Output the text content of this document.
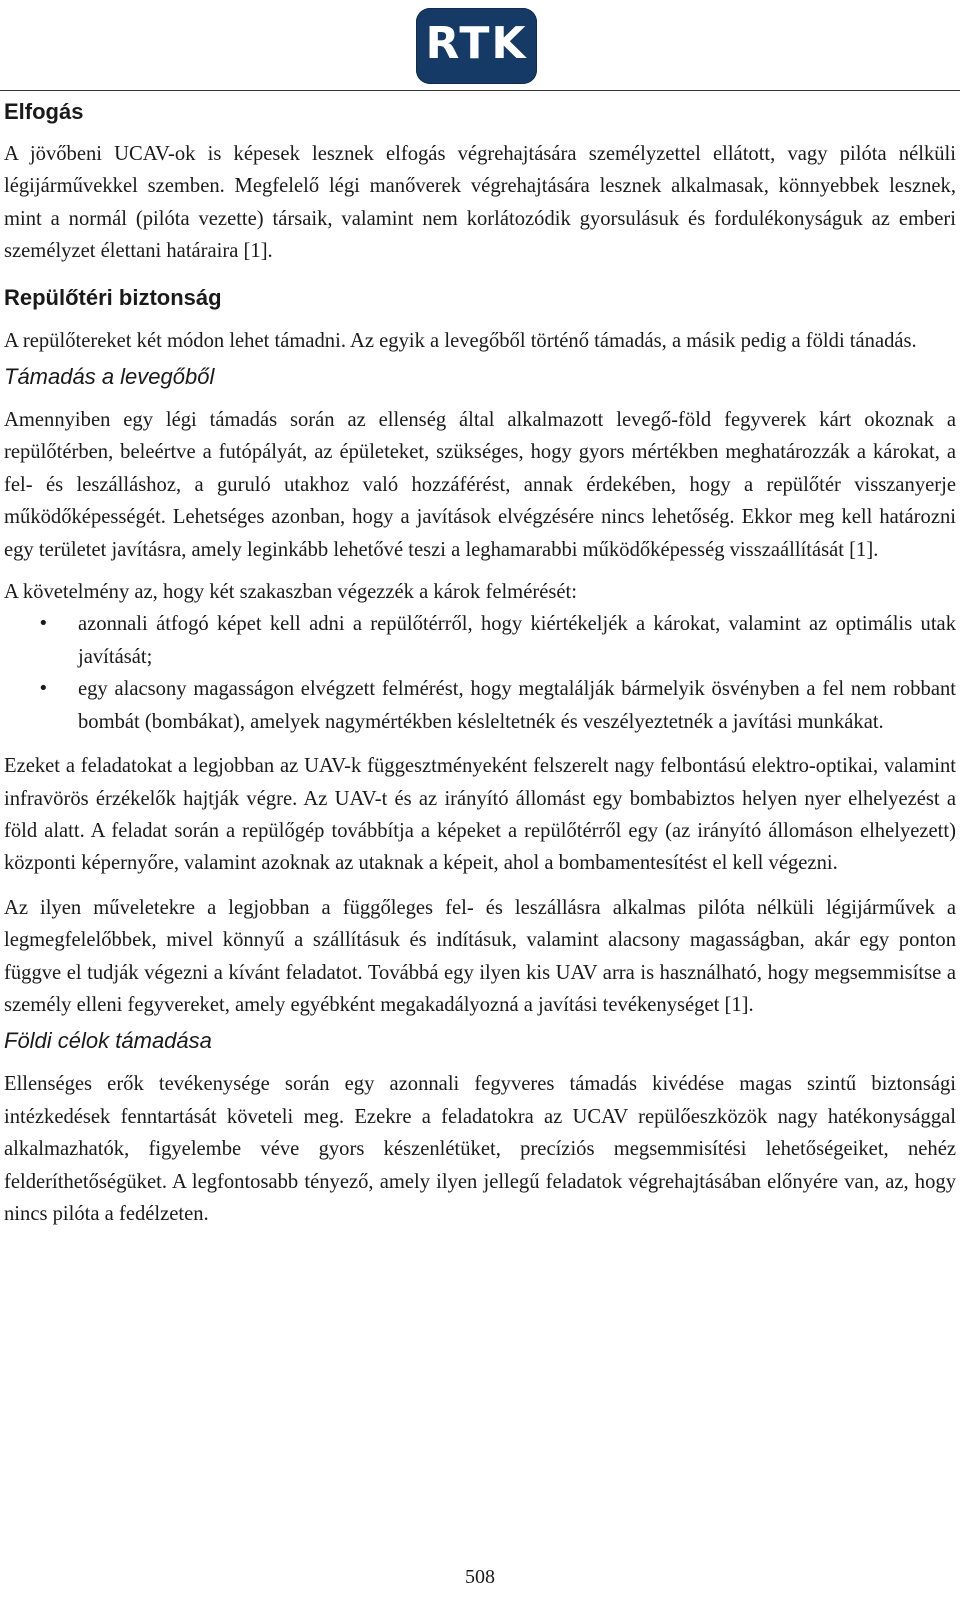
RTK
Elfogás

A jövőbeni UCAV-ok is képesek lesznek elfogás végrehajtására személyzettel ellátott, vagy pilóta nélküli légijárművekkel szemben. Megfelelő légi manőverek végrehajtására lesznek alkalmasak, könnyebbek lesznek, mint a normál (pilóta vezette) társaik, valamint nem korlátozódik gyorsulásuk és fordulékonyságuk az emberi személyzet élettani határaira [1].

Repülőtéri biztonság

A repülőtereket két módon lehet támadni. Az egyik a levegőből történő támadás, a másik pedig a földi tánadás.

Támadás a levegőből

Amennyiben egy légi támadás során az ellenség által alkalmazott levegő-föld fegyverek kárt okoznak a repülőtérben, beleértve a futópályát, az épületeket, szükséges, hogy gyors mértékben meghatározzák a károkat, a fel- és leszálláshoz, a guruló utakhoz való hozzáférést, annak érdekében, hogy a repülőtér visszanyerje működőképességét. Lehetséges azonban, hogy a javítások elvégzésére nincs lehetőség. Ekkor meg kell határozni egy területet javításra, amely leginkább lehetővé teszi a leghamarabbi működőképesség visszaállítását [1].

A követelmény az, hogy két szakaszban végezzék a károk felmérését:

• azonnali átfogó képet kell adni a repülőtérről, hogy kiértékeljék a károkat, valamint az optimális utak javítását;
• egy alacsony magasságon elvégzett felmérést, hogy megtalálják bármelyik ösvényben a fel nem robbant bombát (bombákat), amelyek nagymértékben késleltetnék és veszélyeztetnék a javítási munkákat.

Ezeket a feladatokat a legjobban az UAV-k függesztményeként felszerelt nagy felbontású elektro-optikai, valamint infravörös érzékelők hajtják végre. Az UAV-t és az irányító állomást egy bombabiztos helyen nyer elhelyezést a föld alatt. A feladat során a repülőgép továbbítja a képeket a repülőtérről egy (az irányító állomáson elhelyezett) központi képernyőre, valamint azoknak az utaknak a képeit, ahol a bombamentesítést el kell végezni.

Az ilyen műveletekre a legjobban a függőleges fel- és leszállásra alkalmas pilóta nélküli légijárművek a legmegfelelőbbek, mivel könnyű a szállításuk és indításuk, valamint alacsony magasságban, akár egy ponton függve el tudják végezni a kívánt feladatot. Továbbá egy ilyen kis UAV arra is használható, hogy megsemmisítse a személy elleni fegyvereket, amely egyébként megakadályozná a javítási tevékenységet [1].

Földi célok támadása

Ellenséges erők tevékenysége során egy azonnali fegyveres támadás kivédése magas szintű biztonsági intézkedések fenntartását követeli meg. Ezekre a feladatokra az UCAV repülőeszközök nagy hatékonysággal alkalmazhatók, figyelembe véve gyors készenlétüket, precíziós megsemmisítési lehetőségeiket, nehéz felderíthetőségüket. A legfontosabb tényező, amely ilyen jellegű feladatok végrehajtásában előnyére van, az, hogy nincs pilóta a fedélzeten.

508
